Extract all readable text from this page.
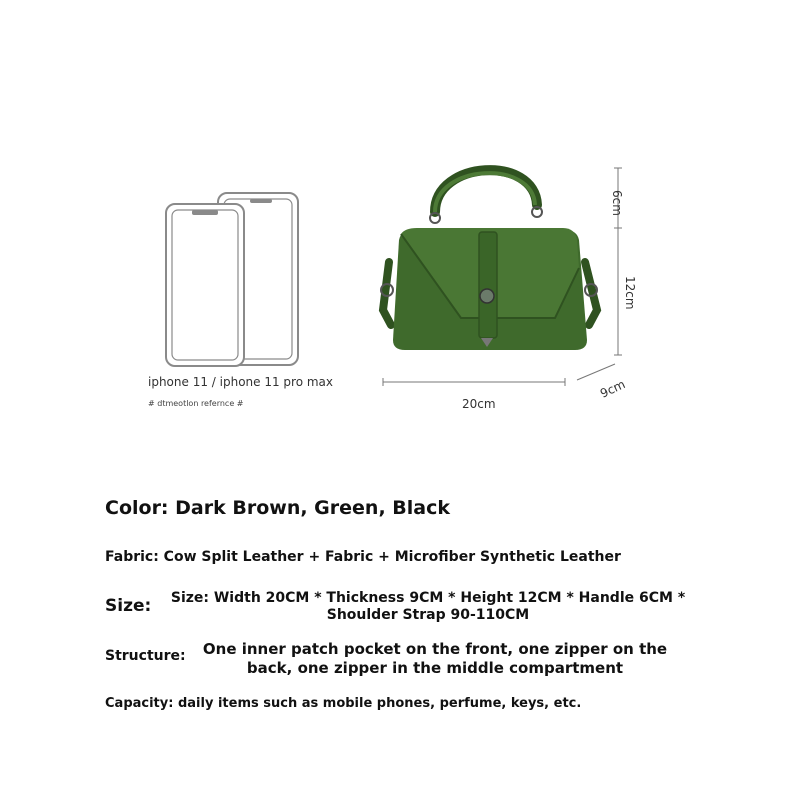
iphone 11 / iphone 11 pro max
# dtmeotlon refernce #
6cm
12cm
20cm
9cm
Color: Dark Brown, Green, Black
Fabric: Cow Split Leather + Fabric + Microfiber Synthetic Leather
Size: Size: Width 20CM * Thickness 9CM * Height 12CM * Handle 6CM * Shoulder Strap 90-110CM
Structure:	One inner patch pocket on the front, one zipper on the back, one zipper in the middle compartment
Capacity: daily items such as mobile phones, perfume, keys, etc.
